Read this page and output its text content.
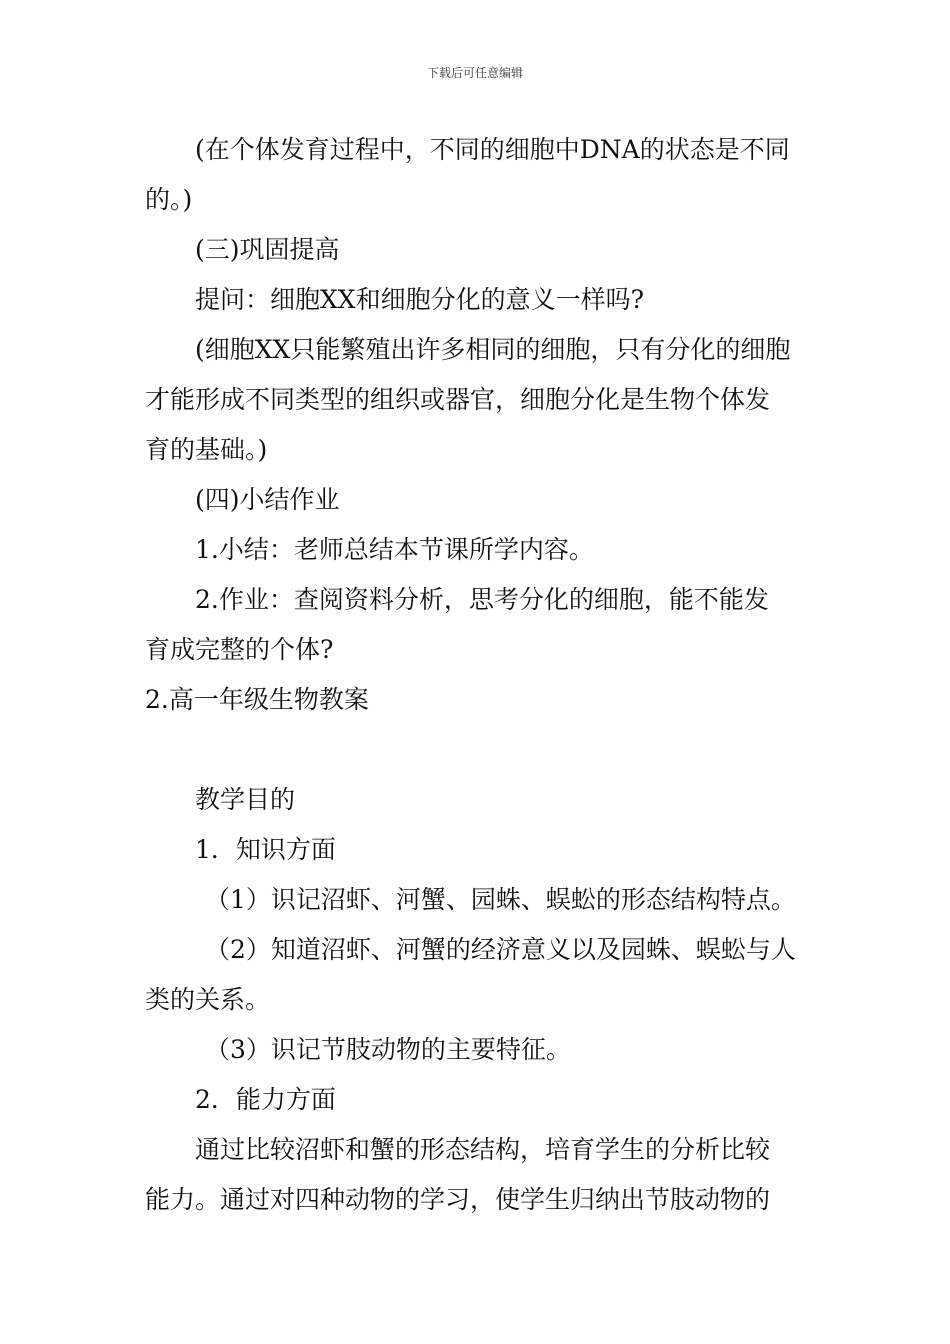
下载后可任意编辑
(在个体发育过程中，不同的细胞中DNA的状态是不同
的。)
(三)巩固提高
提问：细胞XX和细胞分化的意义一样吗?
(细胞XX只能繁殖出许多相同的细胞，只有分化的细胞
才能形成不同类型的组织或器官，细胞分化是生物个体发
育的基础。)
(四)小结作业
1.小结：老师总结本节课所学内容。
2.作业：查阅资料分析，思考分化的细胞，能不能发
育成完整的个体?
2.高一年级生物教案
教学目的
1．知识方面
（1）识记沼虾、河蟹、园蛛、蜈蚣的形态结构特点。
（2）知道沼虾、河蟹的经济意义以及园蛛、蜈蚣与人
类的关系。
（3）识记节肢动物的主要特征。
2．能力方面
通过比较沼虾和蟹的形态结构，培育学生的分析比较
能力。通过对四种动物的学习，使学生归纳出节肢动物的
